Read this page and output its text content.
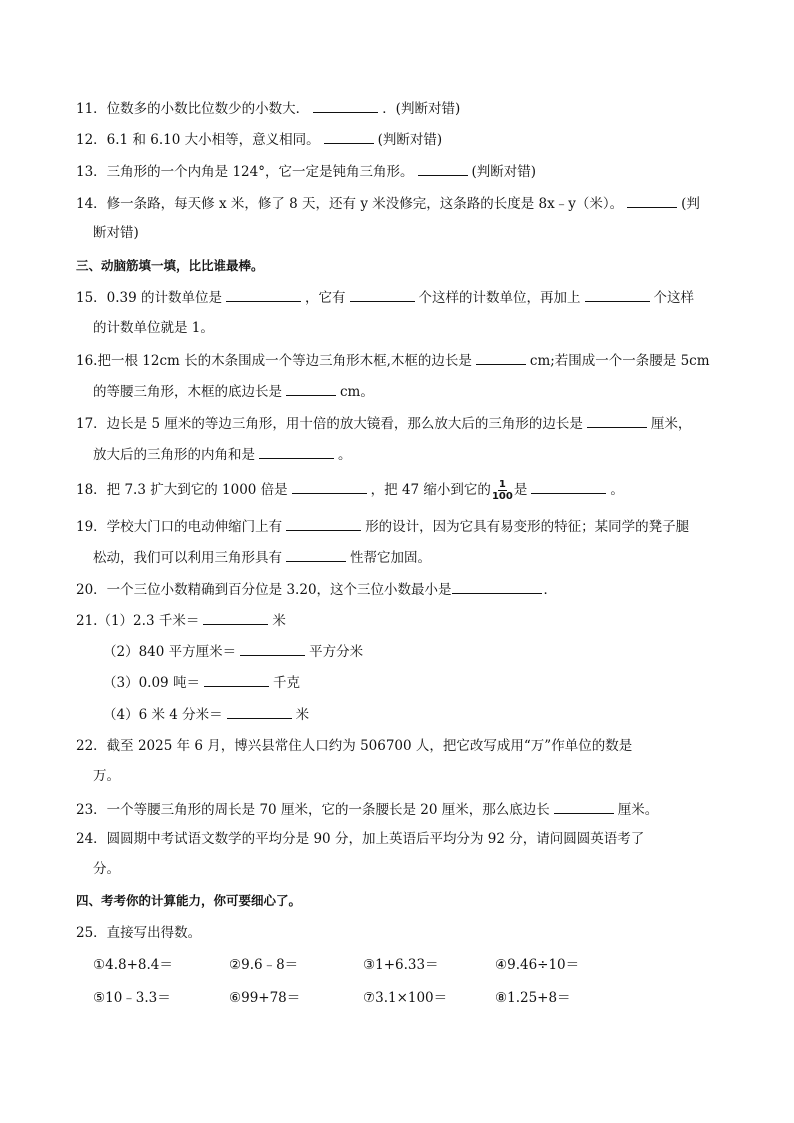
11．位数多的小数比位数少的小数大．	．(判断对错)
12．6.1 和 6.10 大小相等，意义相同。	(判断对错)
13．三角形的一个内角是 124°，它一定是钝角三角形。	(判断对错)
14．修一条路，每天修 x 米，修了 8 天，还有 y 米没修完，这条路的长度是 8x﹣y（米）。	(判
断对错)
三、动脑筋填一填，比比谁最棒。
15．0.39 的计数单位是	，它有	个这样的计数单位，再加上	个这样
的计数单位就是 1。
16.把一根 12cm 长的木条围成一个等边三角形木框,木框的边长是	cm;若围成一个一条腰是 5cm
的等腰三角形，木框的底边长是	cm。
17．边长是 5 厘米的等边三角形，用十倍的放大镜看，那么放大后的三角形的边长是	厘米，
放大后的三角形的内角和是	。
18．把 7.3 扩大到它的 1000 倍是	，把 47 缩小到它的 $\frac{1}{100}$ 是	。
19．学校大门口的电动伸缩门上有	形的设计，因为它具有易变形的特征；某同学的凳子腿
松动，我们可以利用三角形具有	性帮它加固。
20．一个三位小数精确到百分位是 3.20，这个三位小数最小是	．
21.（1）2.3 千米＝	米
（2）840 平方厘米＝	平方分米
（3）0.09 吨＝	千克
（4）6 米 4 分米＝	米
22．截至 2025 年 6 月，博兴县常住人口约为 506700 人，把它改写成用“万”作单位的数是
万。
23．一个等腰三角形的周长是 70 厘米，它的一条腰长是 20 厘米，那么底边长	厘米。
24．圆圆期中考试语文数学的平均分是 90 分，加上英语后平均分为 92 分，请问圆圆英语考了
分。
四、考考你的计算能力，你可要细心了。
25．直接写出得数。
①4.8+8.4＝	②9.6﹣8＝	③1+6.33＝	④9.46÷10＝
⑤10﹣3.3＝	⑥99+78＝	⑦3.1×100＝	⑧1.25+8＝
